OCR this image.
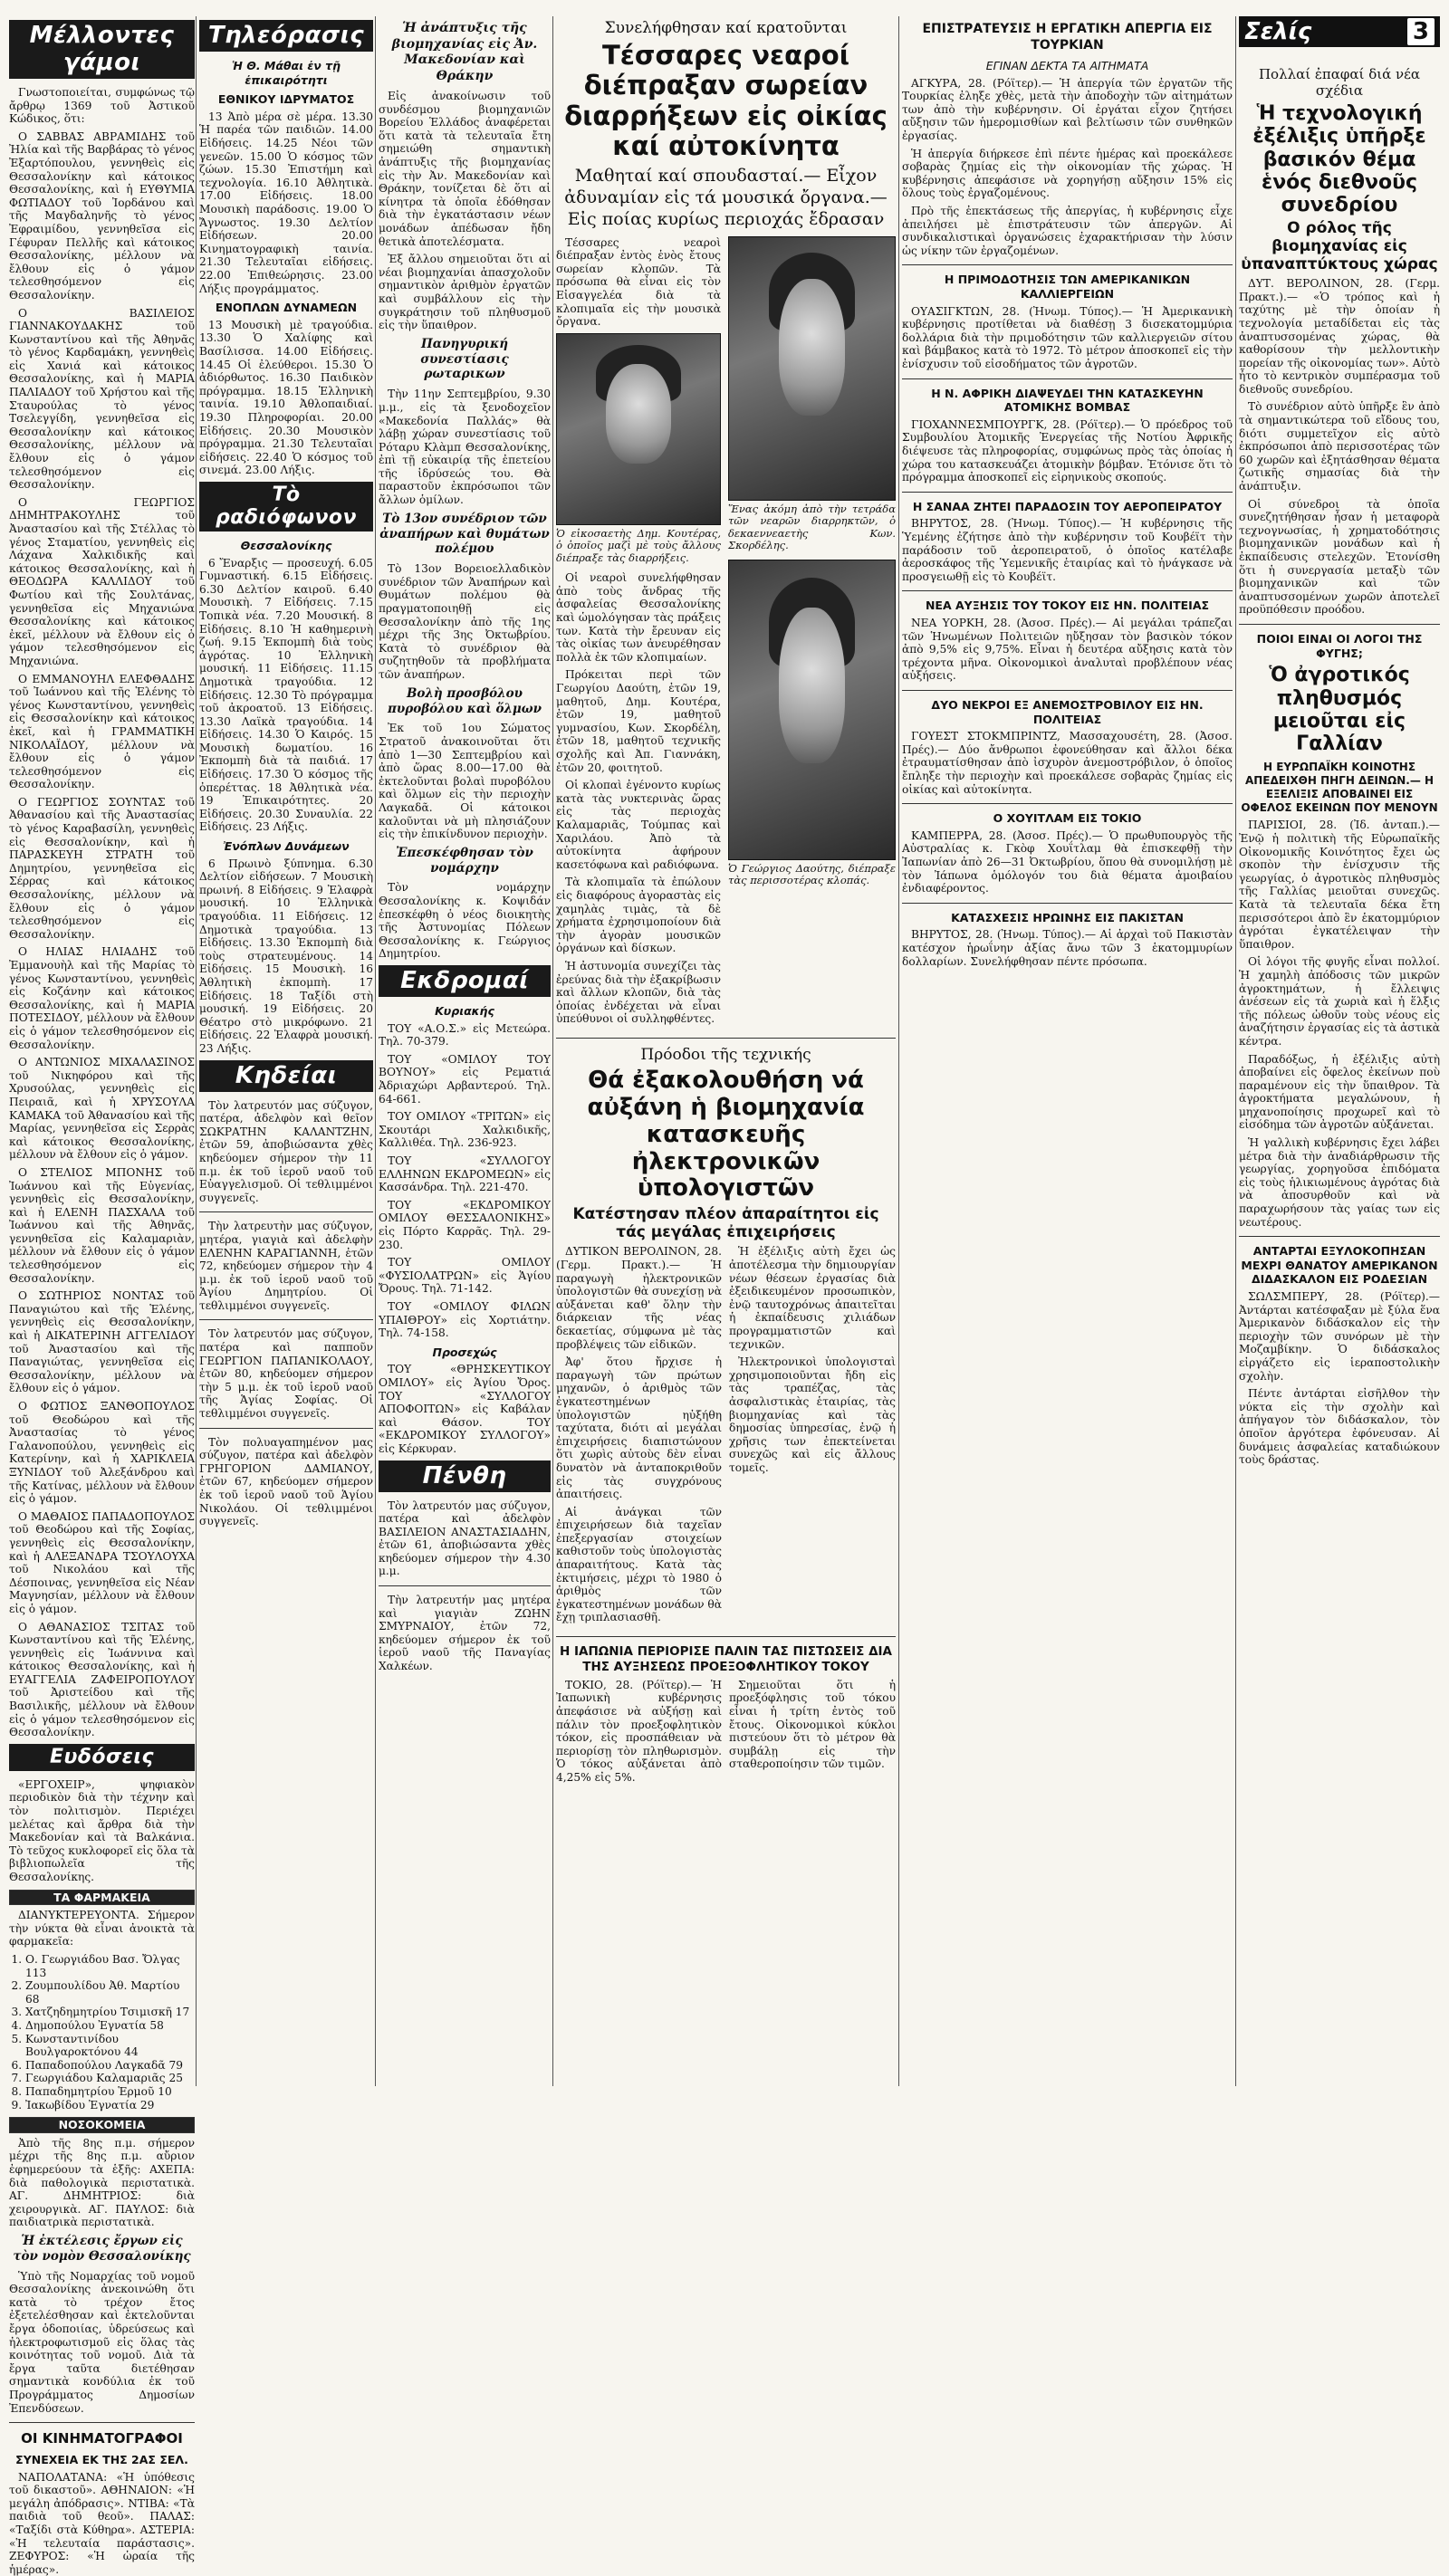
Μέλλοντες γάμοι

Γνωστοποιείται, συμφώνως τῷ ἄρθρῳ 1369 τοῦ Ἀστικοῦ Κώδικος, ὅτι:

Ο ΣΑΒΒΑΣ ΑΒΡΑΜΙΔΗΣ τοῦ Ἠλία καὶ τῆς Βαρβάρας τὸ γένος Ἐξαρτόπουλου, γεννηθεὶς εἰς Θεσσαλονίκην καὶ κάτοικος Θεσσαλονίκης, καὶ ἡ ΕΥΘΥΜΙΑ ΦΩΤΙΑΔΟΥ τοῦ Ἰορδάνου καὶ τῆς Μαγδαληνῆς τὸ γένος Ἐφραιμίδου, γεννηθεῖσα εἰς Γέφυραν Πελλῆς καὶ κάτοικος Θεσσαλονίκης, μέλλουν νὰ ἔλθουν εἰς ὁ γάμον τελεσθησόμενον εἰς Θεσσαλονίκην.

Ο ΒΑΣΙΛΕΙΟΣ ΓΙΑΝΝΑΚΟΥΔΑΚΗΣ τοῦ Κωνσταντίνου καὶ τῆς Ἀθηνᾶς τὸ γένος Καρδαμάκη, γεννηθεὶς εἰς Χανιά καὶ κάτοικος Θεσσαλονίκης, καὶ ἡ ΜΑΡΙΑ ΠΑΛΙΑΔΟΥ τοῦ Χρήστου καὶ τῆς Σταυρούλας τὸ γένος Τσελεγγίδη, γεννηθεῖσα εἰς Θεσσαλονίκην καὶ κάτοικος Θεσσαλονίκης, μέλλουν νὰ ἔλθουν εἰς ὁ γάμον τελεσθησόμενον εἰς Θεσσαλονίκην.

Ο ΓΕΩΡΓΙΟΣ ΔΗΜΗΤΡΑΚΟΥΛΗΣ τοῦ Ἀναστασίου καὶ τῆς Στέλλας τὸ γένος Σταματίου, γεννηθεὶς εἰς Λάχανα Χαλκιδικῆς καὶ κάτοικος Θεσσαλονίκης, καὶ ἡ ΘΕΟΔΩΡΑ ΚΑΛΛΙΔΟΥ τοῦ Φωτίου καὶ τῆς Σουλτάνας, γεννηθεῖσα εἰς Μηχανιώνα Θεσσαλονίκης καὶ κάτοικος ἐκεῖ, μέλλουν νὰ ἔλθουν εἰς ὁ γάμον τελεσθησόμενον εἰς Μηχανιώνα.

Ο ΕΜΜΑΝΟΥΗΛ ΕΛΕΦΘΑΔΗΣ τοῦ Ἰωάννου καὶ τῆς Ἑλένης τὸ γένος Κωνσταντίνου, γεννηθεὶς εἰς Θεσσαλονίκην καὶ κάτοικος ἐκεῖ, καὶ ἡ ΓΡΑΜΜΑΤΙΚΗ ΝΙΚΟΛΑΪΔΟΥ, μέλλουν νὰ ἔλθουν εἰς ὁ γάμον τελεσθησόμενον εἰς Θεσσαλονίκην.

Ο ΓΕΩΡΓΙΟΣ ΣΟΥΝΤΑΣ τοῦ Ἀθανασίου καὶ τῆς Ἀναστασίας τὸ γένος Καραβασίλη, γεννηθεὶς εἰς Θεσσαλονίκην, καὶ ἡ ΠΑΡΑΣΚΕΥΗ ΣΤΡΑΤΗ τοῦ Δημητρίου, γεννηθεῖσα εἰς Σέρρας καὶ κάτοικος Θεσσαλονίκης, μέλλουν νὰ ἔλθουν εἰς ὁ γάμον τελεσθησόμενον εἰς Θεσσαλονίκην.

Ο ΗΛΙΑΣ ΗΛΙΑΔΗΣ τοῦ Ἐμμανουὴλ καὶ τῆς Μαρίας τὸ γένος Κωνσταντίνου, γεννηθεὶς εἰς Κοζάνην καὶ κάτοικος Θεσσαλονίκης, καὶ ἡ ΜΑΡΙΑ ΠΟΤΕΣΙΔΟΥ, μέλλουν νὰ ἔλθουν εἰς ὁ γάμον τελεσθησόμενον εἰς Θεσσαλονίκην.

Ο ΑΝΤΩΝΙΟΣ ΜΙΧΑΛΑΣΙΝΟΣ τοῦ Νικηφόρου καὶ τῆς Χρυσούλας, γεννηθεὶς εἰς Πειραιᾶ, καὶ ἡ ΧΡΥΣΟΥΛΑ ΚΑΜΑΚΑ τοῦ Ἀθανασίου καὶ τῆς Μαρίας, γεννηθεῖσα εἰς Σερρὰς καὶ κάτοικος Θεσσαλονίκης, μέλλουν νὰ ἔλθουν εἰς ὁ γάμον.

Ο ΣΤΕΛΙΟΣ ΜΠΟΝΗΣ τοῦ Ἰωάννου καὶ τῆς Εὐγενίας, γεννηθεὶς εἰς Θεσσαλονίκην, καὶ ἡ ΕΛΕΝΗ ΠΑΣΧΑΛΑ τοῦ Ἰωάννου καὶ τῆς Ἀθηνᾶς, γεννηθεῖσα εἰς Καλαμαριὰν, μέλλουν νὰ ἔλθουν εἰς ὁ γάμον τελεσθησόμενον εἰς Θεσσαλονίκην.

Ο ΣΩΤΗΡΙΟΣ ΝΟΝΤΑΣ τοῦ Παναγιώτου καὶ τῆς Ἑλένης, γεννηθεὶς εἰς Θεσσαλονίκην, καὶ ἡ ΑΙΚΑΤΕΡΙΝΗ ΑΓΓΕΛΙΔΟΥ τοῦ Ἀναστασίου καὶ τῆς Παναγιώτας, γεννηθεῖσα εἰς Θεσσαλονίκην, μέλλουν νὰ ἔλθουν εἰς ὁ γάμον.

Ο ΦΩΤΙΟΣ ΞΑΝΘΟΠΟΥΛΟΣ τοῦ Θεοδώρου καὶ τῆς Ἀναστασίας τὸ γένος Γαλανοπούλου, γεννηθεὶς εἰς Κατερίνην, καὶ ἡ ΧΑΡΙΚΛΕΙΑ ΞΥΝΙΔΟΥ τοῦ Ἀλεξάνδρου καὶ τῆς Κατίνας, μέλλουν νὰ ἔλθουν εἰς ὁ γάμον.

Ο ΜΑΘΑΙΟΣ ΠΑΠΑΔΟΠΟΥΛΟΣ τοῦ Θεοδώρου καὶ τῆς Σοφίας, γεννηθεὶς εἰς Θεσσαλονίκην, καὶ ἡ ΑΛΕΞΑΝΔΡΑ ΤΣΟΥΛΟΥΧΑ τοῦ Νικολάου καὶ τῆς Δέσποινας, γεννηθεῖσα εἰς Νέαν Μαγνησίαν, μέλλουν νὰ ἔλθουν εἰς ὁ γάμον.

Ο ΑΘΑΝΑΣΙΟΣ ΤΣΙΤΑΣ τοῦ Κωνσταντίνου καὶ τῆς Ἑλένης, γεννηθεὶς εἰς Ἰωάννινα καὶ κάτοικος Θεσσαλονίκης, καὶ ἡ ΕΥΑΓΓΕΛΙΑ ΖΑΦΕΙΡΟΠΟΥΛΟΥ τοῦ Ἀριστείδου καὶ τῆς Βασιλικῆς, μέλλουν νὰ ἔλθουν εἰς ὁ γάμον τελεσθησόμενον εἰς Θεσσαλονίκην.

Ευδόσεις

«ΕΡΓΟΧΕΙΡ», ψηφιακὸν περιοδικὸν διὰ τὴν τέχνην καὶ τὸν πολιτισμὸν. Περιέχει μελέτας καὶ ἄρθρα διὰ τὴν Μακεδονίαν καὶ τὰ Βαλκάνια. Τὸ τεῦχος κυκλοφορεῖ εἰς ὅλα τὰ βιβλιοπωλεῖα τῆς Θεσσαλονίκης.

ΤΑ ΦΑΡΜΑΚΕΙΑ

ΔΙΑΝΥΚΤΕΡΕΥΟΝΤΑ. Σήμερον τὴν νύκτα θὰ εἶναι ἀνοικτὰ τὰ φαρμακεῖα:

1. Ο. Γεωργιάδου Βασ. Ὄλγας 113
2. Ζουμπουλίδου Ἀθ. Μαρτίου 68
3. Χατζηδημητρίου Τσιμισκῆ 17
4. Δημοπούλου Ἐγνατία 58
5. Κωνσταντινίδου Βουλγαροκτόνου 44
6. Παπαδοπούλου Λαγκαδᾶ 79
7. Γεωργιάδου Καλαμαριᾶς 25
8. Παπαδημητρίου Ἑρμοῦ 10
9. Ἰακωβίδου Ἐγνατία 29
ΝΟΣΟΚΟΜΕΙΑ

Ἀπὸ τῆς 8ης π.μ. σήμερον μέχρι τῆς 8ης π.μ. αὔριον ἐφημερεύουν τὰ ἑξῆς: ΑΧΕΠΑ: διὰ παθολογικὰ περιστατικὰ. ΑΓ. ΔΗΜΗΤΡΙΟΣ: διὰ χειρουργικὰ. ΑΓ. ΠΑΥΛΟΣ: διὰ παιδιατρικὰ περιστατικὰ.

Ἡ ἐκτέλεσις ἔργων εἰς τὸν νομὸν Θεσσαλονίκης

Ὑπὸ τῆς Νομαρχίας τοῦ νομοῦ Θεσσαλονίκης ἀνεκοινώθη ὅτι κατὰ τὸ τρέχον ἔτος ἐξετελέσθησαν καὶ ἐκτελοῦνται ἔργα ὁδοποιίας, ὑδρεύσεως καὶ ἠλεκτροφωτισμοῦ εἰς ὅλας τὰς κοινότητας τοῦ νομοῦ. Διὰ τὰ ἔργα ταῦτα διετέθησαν σημαντικὰ κονδύλια ἐκ τοῦ Προγράμματος Δημοσίων Ἐπενδύσεων.

ΟΙ ΚΙΝΗΜΑΤΟΓΡΑΦΟΙ
ΣΥΝΕΧΕΙΑ ΕΚ ΤΗΣ 2ΑΣ ΣΕΛ.

ΝΑΠΟΛΑΤΑΝΑ: «Ἡ ὑπόθεσις τοῦ δικαστοῦ». ΑΘΗΝΑΙΟΝ: «Ἡ μεγάλη ἀπόδρασις». ΝΤΙΒΑ: «Τὰ παιδιὰ τοῦ θεοῦ». ΠΑΛΑΣ: «Ταξίδι στὰ Κύθηρα». ΑΣΤΕΡΙΑ: «Ἡ τελευταία παράστασις». ΖΕΦΥΡΟΣ: «Ἡ ὡραία τῆς ἡμέρας».

Τηλεόρασις
Ἡ Θ. Μάθαι ἐν τῇ ἐπικαιρότητι
ΕΘΝΙΚΟΥ ΙΔΡΥΜΑΤΟΣ

13 Ἀπὸ μέρα σὲ μέρα. 13.30 Ἡ παρέα τῶν παιδιῶν. 14.00 Εἰδήσεις. 14.25 Νέοι τῶν γενεῶν. 15.00 Ὁ κόσμος τῶν ζώων. 15.30 Ἐπιστήμη καὶ τεχνολογία. 16.10 Ἀθλητικὰ. 17.00 Εἰδήσεις. 18.00 Μουσικὴ παράδοσις. 19.00 Ὁ Ἄγνωστος. 19.30 Δελτίον Εἰδήσεων. 20.00 Κινηματογραφικὴ ταινία. 21.30 Τελευταῖαι εἰδήσεις. 22.00 Ἐπιθεώρησις. 23.00 Λήξις προγράμματος.

ΕΝΟΠΛΩΝ ΔΥΝΑΜΕΩΝ

13 Μουσικὴ μὲ τραγούδια. 13.30 Ὁ Χαλίφης καὶ Βασίλισσα. 14.00 Εἰδήσεις. 14.45 Οἱ ἐλεύθεροι. 15.30 Ὁ ἀδιόρθωτος. 16.30 Παιδικὸν πρόγραμμα. 18.15 Ἑλληνικὴ ταινία. 19.10 Ἀθλοπαιδιαί. 19.30 Πληροφορίαι. 20.00 Εἰδήσεις. 20.30 Μουσικὸν πρόγραμμα. 21.30 Τελευταῖαι εἰδήσεις. 22.40 Ὁ κόσμος τοῦ σινεμά. 23.00 Λήξις.

Τὸ ραδιόφωνον
Θεσσαλονίκης

6 Ἔναρξις — προσευχή. 6.05 Γυμναστική. 6.15 Εἰδήσεις. 6.30 Δελτίον καιροῦ. 6.40 Μουσικὴ. 7 Εἰδήσεις. 7.15 Τοπικὰ νέα. 7.20 Μουσική. 8 Εἰδήσεις. 8.10 Ἡ καθημερινὴ ζωή. 9.15 Ἐκπομπὴ διὰ τοὺς ἀγρότας. 10 Ἑλληνικὴ μουσική. 11 Εἰδήσεις. 11.15 Δημοτικὰ τραγούδια. 12 Εἰδήσεις. 12.30 Τὸ πρόγραμμα τοῦ ἀκροατοῦ. 13 Εἰδήσεις. 13.30 Λαϊκὰ τραγούδια. 14 Εἰδήσεις. 14.30 Ὁ Καιρός. 15 Μουσικὴ δωματίου. 16 Ἐκπομπὴ διὰ τὰ παιδιά. 17 Εἰδήσεις. 17.30 Ὁ κόσμος τῆς ὀπερέττας. 18 Ἀθλητικὰ νέα. 19 Ἐπικαιρότητες. 20 Εἰδήσεις. 20.30 Συναυλία. 22 Εἰδήσεις. 23 Λήξις.

Ἐνόπλων Δυνάμεων

6 Πρωινὸ ξύπνημα. 6.30 Δελτίον εἰδήσεων. 7 Μουσικὴ πρωινή. 8 Εἰδήσεις. 9 Ἐλαφρὰ μουσική. 10 Ἑλληνικὰ τραγούδια. 11 Εἰδήσεις. 12 Δημοτικὰ τραγούδια. 13 Εἰδήσεις. 13.30 Ἐκπομπὴ διὰ τοὺς στρατευμένους. 14 Εἰδήσεις. 15 Μουσικὴ. 16 Ἀθλητικὴ ἐκπομπὴ. 17 Εἰδήσεις. 18 Ταξίδι στὴ μουσική. 19 Εἰδήσεις. 20 Θέατρο στὸ μικρόφωνο. 21 Εἰδήσεις. 22 Ἐλαφρὰ μουσική. 23 Λήξις.

Κηδείαι

Τὸν λατρευτόν μας σύζυγον, πατέρα, ἀδελφὸν καὶ θεῖον ΣΩΚΡΑΤΗΝ ΚΑΛΑΝΤΖΗΝ, ἐτῶν 59, ἀποβιώσαντα χθὲς κηδεύομεν σήμερον τὴν 11 π.μ. ἐκ τοῦ ἱεροῦ ναοῦ τοῦ Εὐαγγελισμοῦ. Οἱ τεθλιμμένοι συγγενεῖς.

Τὴν λατρευτὴν μας σύζυγον, μητέρα, γιαγιὰ καὶ ἀδελφὴν ΕΛΕΝΗΝ ΚΑΡΑΓΙΑΝΝΗ, ἐτῶν 72, κηδεύομεν σήμερον τὴν 4 μ.μ. ἐκ τοῦ ἱεροῦ ναοῦ τοῦ Ἁγίου Δημητρίου. Οἱ τεθλιμμένοι συγγενεῖς.

Τὸν λατρευτόν μας σύζυγον, πατέρα καὶ παπποῦν ΓΕΩΡΓΙΟΝ ΠΑΠΑΝΙΚΟΛΑΟΥ, ἐτῶν 80, κηδεύομεν σήμερον τὴν 5 μ.μ. ἐκ τοῦ ἱεροῦ ναοῦ τῆς Ἁγίας Σοφίας. Οἱ τεθλιμμένοι συγγενεῖς.

Τὸν πολυαγαπημένον μας σύζυγον, πατέρα καὶ ἀδελφὸν ΓΡΗΓΟΡΙΟΝ ΔΑΜΙΑΝΟΥ, ἐτῶν 67, κηδεύομεν σήμερον ἐκ τοῦ ἱεροῦ ναοῦ τοῦ Ἁγίου Νικολάου. Οἱ τεθλιμμένοι συγγενεῖς.

Ἡ ἀνάπτυξις τῆς βιομηχανίας εἰς Ἀν. Μακεδονίαν καὶ Θράκην

Εἰς ἀνακοίνωσιν τοῦ συνδέσμου βιομηχανιῶν Βορείου Ἑλλάδος ἀναφέρεται ὅτι κατὰ τὰ τελευταῖα ἔτη σημειώθη σημαντικὴ ἀνάπτυξις τῆς βιομηχανίας εἰς τὴν Ἀν. Μακεδονίαν καὶ Θράκην, τονίζεται δὲ ὅτι αἱ κίνητρα τὰ ὁποῖα ἐδόθησαν διὰ τὴν ἐγκατάστασιν νέων μονάδων ἀπέδωσαν ἤδη θετικὰ ἀποτελέσματα.

Ἐξ ἄλλου σημειοῦται ὅτι αἱ νέαι βιομηχανίαι ἀπασχολοῦν σημαντικὸν ἀριθμὸν ἐργατῶν καὶ συμβάλλουν εἰς τὴν συγκράτησιν τοῦ πληθυσμοῦ εἰς τὴν ὕπαιθρον.

Πανηγυρική συνεστίασις ρωταρικων

Τὴν 11ην Σεπτεμβρίου, 9.30 μ.μ., εἰς τὰ ξενοδοχεῖον «Μακεδονία Παλλάς» θὰ λάβῃ χώραν συνεστίασις τοῦ Ρόταρυ Κλὰμπ Θεσσαλονίκης, ἐπὶ τῇ εὐκαιρίᾳ τῆς ἐπετείου τῆς ἱδρύσεώς του. Θὰ παραστοῦν ἐκπρόσωποι τῶν ἄλλων ὁμίλων.

Τὸ 13ον συνέδριον τῶν ἀναπήρων καὶ θυμάτων πολέμου

Τὸ 13ον Βορειοελλαδικὸν συνέδριον τῶν Ἀναπήρων καὶ Θυμάτων πολέμου θὰ πραγματοποιηθῇ εἰς Θεσσαλονίκην ἀπὸ τῆς 1ης μέχρι τῆς 3ης Ὀκτωβρίου. Κατὰ τὸ συνέδριον θὰ συζητηθοῦν τὰ προβλήματα τῶν ἀναπήρων.

Βολὴ προσβόλου πυροβόλου καὶ ὅλμων

Ἐκ τοῦ 1ου Σώματος Στρατοῦ ἀνακοινοῦται ὅτι ἀπὸ 1—30 Σεπτεμβρίου καὶ ἀπὸ ὥρας 8.00—17.00 θὰ ἐκτελοῦνται βολαὶ πυροβόλου καὶ ὅλμων εἰς τὴν περιοχὴν Λαγκαδᾶ. Οἱ κάτοικοι καλοῦνται νὰ μὴ πλησιάζουν εἰς τὴν ἐπικίνδυνον περιοχὴν.

Ἐπεσκέφθησαν τὸν νομάρχην

Τὸν νομάρχην Θεσσαλονίκης κ. Κοψιδάν ἐπεσκέφθη ὁ νέος διοικητὴς τῆς Ἀστυνομίας Πόλεων Θεσσαλονίκης κ. Γεώργιος Δημητρίου.

Εκδρομαί
Κυριακής

ΤΟΥ «Α.Ο.Σ.» εἰς Μετεώρα. Τηλ. 70-379.

ΤΟΥ «ΟΜΙΛΟΥ ΤΟΥ ΒΟΥΝΟΥ» εἰς Ρεματιά Ἀδριαχώρι Αρβαντερού. Τηλ. 64-661.

ΤΟΥ ΟΜΙΛΟΥ «ΤΡΙΤΩΝ» εἰς Σκουτάρι Χαλκιδικῆς, Καλλιθέα. Τηλ. 236-923.

ΤΟΥ «ΣΥΛΛΟΓΟΥ ΕΛΛΗΝΩΝ ΕΚΔΡΟΜΕΩΝ» εἰς Κασσάνδρα. Τηλ. 221-470.

ΤΟΥ «ΕΚΔΡΟΜΙΚΟΥ ΟΜΙΛΟΥ ΘΕΣΣΑΛΟΝΙΚΗΣ» εἰς Πόρτο Καρρᾶς. Τηλ. 29-230.

ΤΟΥ ΟΜΙΛΟΥ «ΦΥΣΙΟΛΑΤΡΩΝ» εἰς Ἁγίου Ὄρους. Τηλ. 71-142.

ΤΟΥ «ΟΜΙΛΟΥ ΦΙΛΩΝ ΥΠΑΙΘΡΟΥ» εἰς Χορτιάτην. Τηλ. 74-158.

Προσεχώς

ΤΟΥ «ΘΡΗΣΚΕΥΤΙΚΟΥ ΟΜΙΛΟΥ» εἰς Ἁγίου Ὄρος. ΤΟΥ «ΣΥΛΛΟΓΟΥ ΑΠΟΦΟΙΤΩΝ» εἰς Καβάλαν καὶ Θάσον. ΤΟΥ «ΕΚΔΡΟΜΙΚΟΥ ΣΥΛΛΟΓΟΥ» εἰς Κέρκυραν.

Πένθη

Τὸν λατρευτόν μας σύζυγον, πατέρα καὶ ἀδελφὸν ΒΑΣΙΛΕΙΟΝ ΑΝΑΣΤΑΣΙΑΔΗΝ, ἐτῶν 61, ἀποβιώσαντα χθὲς κηδεύομεν σήμερον τὴν 4.30 μ.μ.

Τὴν λατρευτήν μας μητέρα καὶ γιαγιὰν ΖΩΗΝ ΣΜΥΡΝΑΙΟΥ, ἐτῶν 72, κηδεύομεν σήμερον ἐκ τοῦ ἱεροῦ ναοῦ τῆς Παναγίας Χαλκέων.

Συνελήφθησαν καί κρατοῦνται
Τέσσαρες νεαροί διέπραξαν σωρείαν διαρρήξεων εἰς οἰκίας καί αὐτοκίνητα
Μαθηταί καί σπουδασταί.— Εἶχον ἀδυναμίαν εἰς τά μουσικά ὄργανα.— Εἰς ποίας κυρίως περιοχάς ἔδρασαν

Τέσσαρες νεαροὶ διέπραξαν ἐντὸς ἑνὸς ἔτους σωρείαν κλοπῶν. Τὰ πρόσωπα θὰ εἶναι εἰς τὸν Εἰσαγγελέα διὰ τὰ κλοπιμαῖα εἰς τὴν μουσικὰ ὄργανα.

Ὁ εἰκοσαετὴς Δημ. Κουτέρας, ὁ ὁποῖος μαζὶ μὲ τοὺς ἄλλους διέπραξε τὰς διαρρήξεις.

Οἱ νεαροὶ συνελήφθησαν ἀπὸ τοὺς ἄνδρας τῆς ἀσφαλείας Θεσσαλονίκης καὶ ὡμολόγησαν τὰς πράξεις των. Κατὰ τὴν ἔρευναν εἰς τὰς οἰκίας των ἀνευρέθησαν πολλὰ ἐκ τῶν κλοπιμαίων.

Πρόκειται περὶ τῶν Γεωργίου Δαούτη, ἐτῶν 19, μαθητοῦ, Δημ. Κουτέρα, ἐτῶν 19, μαθητοῦ γυμνασίου, Κων. Σκορδέλη, ἐτῶν 18, μαθητοῦ τεχνικῆς σχολῆς καὶ Ἀπ. Γιαννάκη, ἐτῶν 20, φοιτητοῦ.

Οἱ κλοπαὶ ἐγένοντο κυρίως κατὰ τὰς νυκτερινὰς ὥρας εἰς τὰς περιοχὰς Καλαμαριᾶς, Τούμπας καὶ Χαριλάου. Ἀπὸ τὰ αὐτοκίνητα ἀφήρουν κασετόφωνα καὶ ραδιόφωνα.

Τὰ κλοπιμαῖα τὰ ἐπώλουν εἰς διαφόρους ἀγοραστὰς εἰς χαμηλὰς τιμὰς, τὰ δὲ χρήματα ἐχρησιμοποίουν διὰ τὴν ἀγορὰν μουσικῶν ὀργάνων καὶ δίσκων.

Ἡ ἀστυνομία συνεχίζει τὰς ἐρεύνας διὰ τὴν ἐξακρίβωσιν καὶ ἄλλων κλοπῶν, διὰ τὰς ὁποίας ἐνδέχεται νὰ εἶναι ὑπεύθυνοι οἱ συλληφθέντες.

Ἕνας ἀκόμη ἀπὸ τὴν τετράδα τῶν νεαρῶν διαρρηκτῶν, ὁ δεκαεννεαετὴς Κων. Σκορδέλης.
Ὁ Γεώργιος Δαούτης, διέπραξε τὰς περισσοτέρας κλοπάς.
Πρόοδοι τῆς τεχνικής
Θά ἐξακολουθήση νά αὐξάνη ἡ βιομηχανία κατασκευῆς ἠλεκτρονικῶν ὑπολογιστῶν
Κατέστησαν πλέον ἀπαραίτητοι εἰς τάς μεγάλας ἐπιχειρήσεις

ΔΥΤΙΚΟΝ ΒΕΡΟΛΙΝΟΝ, 28. (Γερμ. Πρακτ.).— Ἡ παραγωγὴ ἠλεκτρονικῶν ὑπολογιστῶν θὰ συνεχίσῃ νὰ αὐξάνεται καθ' ὅλην τὴν διάρκειαν τῆς νέας δεκαετίας, σύμφωνα μὲ τὰς προβλέψεις τῶν εἰδικῶν.

Ἀφ' ὅτου ἤρχισε ἡ παραγωγὴ τῶν πρώτων μηχανῶν, ὁ ἀριθμὸς τῶν ἐγκατεστημένων ὑπολογιστῶν ηὐξήθη ταχύτατα, διότι αἱ μεγάλαι ἐπιχειρήσεις διαπιστώνουν ὅτι χωρὶς αὐτοὺς δὲν εἶναι δυνατὸν νὰ ἀνταποκριθοῦν εἰς τὰς συγχρόνους ἀπαιτήσεις.

Αἱ ἀνάγκαι τῶν ἐπιχειρήσεων διὰ ταχεῖαν ἐπεξεργασίαν στοιχείων καθιστοῦν τοὺς ὑπολογιστὰς ἀπαραιτήτους. Κατὰ τὰς ἐκτιμήσεις, μέχρι τὸ 1980 ὁ ἀριθμὸς τῶν ἐγκατεστημένων μονάδων θὰ ἔχῃ τριπλασιασθῆ.

Ἡ ἐξέλιξις αὐτὴ ἔχει ὡς ἀποτέλεσμα τὴν δημιουργίαν νέων θέσεων ἐργασίας διὰ ἐξειδικευμένον προσωπικὸν, ἐνῷ ταυτοχρόνως ἀπαιτεῖται ἡ ἐκπαίδευσις χιλιάδων προγραμματιστῶν καὶ τεχνικῶν.

Ἠλεκτρονικοὶ ὑπολογισταὶ χρησιμοποιοῦνται ἤδη εἰς τὰς τραπέζας, τὰς ἀσφαλιστικὰς ἑταιρίας, τὰς βιομηχανίας καὶ τὰς δημοσίας ὑπηρεσίας, ἐνῷ ἡ χρῆσις των ἐπεκτείνεται συνεχῶς καὶ εἰς ἄλλους τομεῖς.

Η ΙΑΠΩΝΙΑ ΠΕΡΙΟΡΙΣΕ ΠΑΛΙΝ ΤΑΣ ΠΙΣΤΩΣΕΙΣ ΔΙΑ ΤΗΣ ΑΥΞΗΣΕΩΣ ΠΡΟΕΞΟΦΛΗΤΙΚΟΥ ΤΟΚΟΥ

ΤΟΚΙΟ, 28. (Ρόϊτερ).— Ἡ Ἰαπωνικὴ κυβέρνησις ἀπεφάσισε νὰ αὐξήσῃ καὶ πάλιν τὸν προεξοφλητικὸν τόκον, εἰς προσπάθειαν νὰ περιορίσῃ τὸν πληθωρισμὸν. Ὁ τόκος αὐξάνεται ἀπὸ 4,25% εἰς 5%.

Σημειοῦται ὅτι ἡ προεξόφλησις τοῦ τόκου εἶναι ἡ τρίτη ἐντὸς τοῦ ἔτους. Οἰκονομικοὶ κύκλοι πιστεύουν ὅτι τὸ μέτρον θὰ συμβάλῃ εἰς τὴν σταθεροποίησιν τῶν τιμῶν.

ΕΠΙΣΤΡΑΤΕΥΣΙΣ Η ΕΡΓΑΤΙΚΗ ΑΠΕΡΓΙΑ ΕΙΣ ΤΟΥΡΚΙΑΝ
ΕΓΙΝΑΝ ΔΕΚΤΑ ΤΑ ΑΙΤΗΜΑΤΑ

ΑΓΚΥΡΑ, 28. (Ρόϊτερ).— Ἡ ἀπεργία τῶν ἐργατῶν τῆς Τουρκίας ἐληξε χθὲς, μετὰ τὴν ἀποδοχὴν τῶν αἰτημάτων των ἀπὸ τὴν κυβέρνησιν. Οἱ ἐργάται εἶχον ζητήσει αὔξησιν τῶν ἡμερομισθίων καὶ βελτίωσιν τῶν συνθηκῶν ἐργασίας.

Ἡ ἀπεργία διήρκεσε ἐπὶ πέντε ἡμέρας καὶ προεκάλεσε σοβαρὰς ζημίας εἰς τὴν οἰκονομίαν τῆς χώρας. Ἡ κυβέρνησις ἀπεφάσισε νὰ χορηγήσῃ αὔξησιν 15% εἰς ὅλους τοὺς ἐργαζομένους.

Πρὸ τῆς ἐπεκτάσεως τῆς ἀπεργίας, ἡ κυβέρνησις εἶχε ἀπειλήσει μὲ ἐπιστράτευσιν τῶν ἀπεργῶν. Αἱ συνδικαλιστικαὶ ὀργανώσεις ἐχαρακτήρισαν τὴν λύσιν ὡς νίκην τῶν ἐργαζομένων.

Η ΠΡΙΜΟΔΟΤΗΣΙΣ ΤΩΝ ΑΜΕΡΙΚΑΝΙΚΩΝ ΚΑΛΛΙΕΡΓΕΙΩΝ

ΟΥΑΣΙΓΚΤΩΝ, 28. (Ἠνωμ. Τύπος).— Ἡ Ἀμερικανικὴ κυβέρνησις προτίθεται νὰ διαθέσῃ 3 δισεκατομμύρια δολλάρια διὰ τὴν πριμοδότησιν τῶν καλλιεργειῶν σίτου καὶ βάμβακος κατὰ τὸ 1972. Τὸ μέτρον ἀποσκοπεῖ εἰς τὴν ἐνίσχυσιν τοῦ εἰσοδήματος τῶν ἀγροτῶν.

Η Ν. ΑΦΡΙΚΗ ΔΙΑΨΕΥΔΕΙ ΤΗΝ ΚΑΤΑΣΚΕΥΗΝ ΑΤΟΜΙΚΗΣ ΒΟΜΒΑΣ

ΓΙΟΧΑΝΝΕΣΜΠΟΥΡΓΚ, 28. (Ρόϊτερ).— Ὁ πρόεδρος τοῦ Συμβουλίου Ἀτομικῆς Ἐνεργείας τῆς Νοτίου Ἀφρικῆς διέψευσε τὰς πληροφορίας, συμφώνως πρὸς τὰς ὁποίας ἡ χώρα του κατασκευάζει ἀτομικὴν βόμβαν. Ἐτόνισε ὅτι τὸ πρόγραμμα ἀποσκοπεῖ εἰς εἰρηνικοὺς σκοπούς.

Η ΣΑΝΑΑ ΖΗΤΕΙ ΠΑΡΑΔΟΣΙΝ ΤΟΥ ΑΕΡΟΠΕΙΡΑΤΟΥ

ΒΗΡΥΤΟΣ, 28. (Ἠνωμ. Τύπος).— Ἡ κυβέρνησις τῆς Ὑεμένης ἐζήτησε ἀπὸ τὴν κυβέρνησιν τοῦ Κουβέϊτ τὴν παράδοσιν τοῦ ἀεροπειρατοῦ, ὁ ὁποῖος κατέλαβε ἀεροσκάφος τῆς Ὑεμενικῆς ἑταιρίας καὶ τὸ ἠνάγκασε νὰ προσγειωθῇ εἰς τὸ Κουβέϊτ.

ΝΕΑ ΑΥΞΗΣΙΣ ΤΟΥ ΤΟΚΟΥ ΕΙΣ ΗΝ. ΠΟΛΙΤΕΙΑΣ

ΝΕΑ ΥΟΡΚΗ, 28. (Ἀσοσ. Πρές).— Αἱ μεγάλαι τράπεζαι τῶν Ἡνωμένων Πολιτειῶν ηὔξησαν τὸν βασικὸν τόκον ἀπὸ 9,5% εἰς 9,75%. Εἶναι ἡ δευτέρα αὔξησις κατὰ τὸν τρέχοντα μῆνα. Οἰκονομικοὶ ἀναλυταὶ προβλέπουν νέας αὐξήσεις.

ΔΥΟ ΝΕΚΡΟΙ ΕΞ ΑΝΕΜΟΣΤΡΟΒΙΛΟΥ ΕΙΣ ΗΝ. ΠΟΛΙΤΕΙΑΣ

ΓΟΥΕΣΤ ΣΤΟΚΜΠΡΙΝΤΖ, Μασσαχουσέτη, 28. (Ἀσοσ. Πρές).— Δύο ἄνθρωποι ἐφονεύθησαν καὶ ἄλλοι δέκα ἐτραυματίσθησαν ἀπὸ ἰσχυρὸν ἀνεμοστρόβιλον, ὁ ὁποῖος ἔπληξε τὴν περιοχὴν καὶ προεκάλεσε σοβαρὰς ζημίας εἰς οἰκίας καὶ αὐτοκίνητα.

Ο ΧΟΥΙΤΛΑΜ ΕΙΣ ΤΟΚΙΟ

ΚΑΜΠΕΡΡΑ, 28. (Ἀσοσ. Πρές).— Ὁ πρωθυπουργὸς τῆς Αὐστραλίας κ. Γκὸφ Χουΐτλαμ θὰ ἐπισκεφθῇ τὴν Ἰαπωνίαν ἀπὸ 26—31 Ὀκτωβρίου, ὅπου θὰ συνομιλήσῃ μὲ τὸν Ἰάπωνα ὁμόλογόν του διὰ θέματα ἀμοιβαίου ἐνδιαφέροντος.

ΚΑΤΑΣΧΕΣΙΣ ΗΡΩΙΝΗΣ ΕΙΣ ΠΑΚΙΣΤΑΝ

ΒΗΡΥΤΟΣ, 28. (Ἠνωμ. Τύπος).— Αἱ ἀρχαὶ τοῦ Πακιστὰν κατέσχον ἡρωΐνην ἀξίας ἄνω τῶν 3 ἑκατομμυρίων δολλαρίων. Συνελήφθησαν πέντε πρόσωπα.

Σελίς	3
Πολλαί ἐπαφαί διά νέα σχέδια
Ἡ τεχνολογική ἐξέλιξις ὑπῆρξε βασικόν θέμα ἑνός διεθνοῦς συνεδρίου
Ο ρόλος τῆς βιομηχανίας εἰς ὑπαναπτύκτους χώρας

ΔΥΤ. ΒΕΡΟΛΙΝΟΝ, 28. (Γερμ. Πρακτ.).— «Ὁ τρόπος καὶ ἡ ταχύτης μὲ τὴν ὁποίαν ἡ τεχνολογία μεταδίδεται εἰς τὰς ἀναπτυσσομένας χώρας, θὰ καθορίσουν τὴν μελλοντικὴν πορείαν τῆς οἰκονομίας των». Αὐτὸ ἦτο τὸ κεντρικὸν συμπέρασμα τοῦ διεθνοῦς συνεδρίου.

Τὸ συνέδριον αὐτὸ ὑπῆρξε ἓν ἀπὸ τὰ σημαντικώτερα τοῦ εἴδους του, διότι συμμετεῖχον εἰς αὐτὸ ἐκπρόσωποι ἀπὸ περισσοτέρας τῶν 60 χωρῶν καὶ ἐξητάσθησαν θέματα ζωτικῆς σημασίας διὰ τὴν ἀνάπτυξιν.

Οἱ σύνεδροι τὰ ὁποῖα συνεζητήθησαν ἦσαν ἡ μεταφορὰ τεχνογνωσίας, ἡ χρηματοδότησις βιομηχανικῶν μονάδων καὶ ἡ ἐκπαίδευσις στελεχῶν. Ἐτονίσθη ὅτι ἡ συνεργασία μεταξὺ τῶν βιομηχανικῶν καὶ τῶν ἀναπτυσσομένων χωρῶν ἀποτελεῖ προϋπόθεσιν προόδου.

ΠΟΙΟΙ ΕΙΝΑΙ ΟΙ ΛΟΓΟΙ ΤΗΣ ΦΥΓΗΣ;
Ὁ ἀγροτικός πληθυσμός μειοῦται εἰς Γαλλίαν
Η ΕΥΡΩΠΑΪΚΗ ΚΟΙΝΟΤΗΣ ΑΠΕΔΕΙΧΘΗ ΠΗΓΗ ΔΕΙΝΩΝ.— Η ΕΞΕΛΙΞΙΣ ΑΠΟΒΑΙΝΕΙ ΕΙΣ ΟΦΕΛΟΣ ΕΚΕΙΝΩΝ ΠΟΥ ΜΕΝΟΥΝ

ΠΑΡΙΣΙΟΙ, 28. (Ἰδ. ἀνταπ.).— Ἐνῷ ἡ πολιτικὴ τῆς Εὐρωπαϊκῆς Οἰκονομικῆς Κοινότητος ἔχει ὡς σκοπὸν τὴν ἐνίσχυσιν τῆς γεωργίας, ὁ ἀγροτικὸς πληθυσμὸς τῆς Γαλλίας μειοῦται συνεχῶς. Κατὰ τὰ τελευταῖα δέκα ἔτη περισσότεροι ἀπὸ ἓν ἑκατομμύριον ἀγρόται ἐγκατέλειψαν τὴν ὕπαιθρον.

Οἱ λόγοι τῆς φυγῆς εἶναι πολλοί. Ἡ χαμηλὴ ἀπόδοσις τῶν μικρῶν ἀγροκτημάτων, ἡ ἔλλειψις ἀνέσεων εἰς τὰ χωριὰ καὶ ἡ ἕλξις τῆς πόλεως ὠθοῦν τοὺς νέους εἰς ἀναζήτησιν ἐργασίας εἰς τὰ ἀστικὰ κέντρα.

Παραδόξως, ἡ ἐξέλιξις αὐτὴ ἀποβαίνει εἰς ὄφελος ἐκείνων ποὺ παραμένουν εἰς τὴν ὕπαιθρον. Τὰ ἀγροκτήματα μεγαλώνουν, ἡ μηχανοποίησις προχωρεῖ καὶ τὸ εἰσόδημα τῶν ἀγροτῶν αὐξάνεται.

Ἡ γαλλικὴ κυβέρνησις ἔχει λάβει μέτρα διὰ τὴν ἀναδιάρθρωσιν τῆς γεωργίας, χορηγοῦσα ἐπιδόματα εἰς τοὺς ἡλικιωμένους ἀγρότας διὰ νὰ ἀποσυρθοῦν καὶ νὰ παραχωρήσουν τὰς γαίας των εἰς νεωτέρους.

ΑΝΤΑΡΤΑΙ ΕΞΥΛΟΚΟΠΗΣΑΝ ΜΕΧΡΙ ΘΑΝΑΤΟΥ ΑΜΕΡΙΚΑΝΟΝ ΔΙΔΑΣΚΑΛΟΝ ΕΙΣ ΡΟΔΕΣΙΑΝ

ΣΩΛΣΜΠΕΡΥ, 28. (Ρόϊτερ).— Ἀντάρται κατέσφαξαν μὲ ξύλα ἕνα Ἀμερικανὸν διδάσκαλον εἰς τὴν περιοχὴν τῶν συνόρων μὲ τὴν Μοζαμβίκην. Ὁ διδάσκαλος εἰργάζετο εἰς ἱεραποστολικὴν σχολὴν.

Πέντε ἀντάρται εἰσῆλθον τὴν νύκτα εἰς τὴν σχολὴν καὶ ἀπήγαγον τὸν διδάσκαλον, τὸν ὁποῖον ἀργότερα ἐφόνευσαν. Αἱ δυνάμεις ἀσφαλείας καταδιώκουν τοὺς δράστας.
